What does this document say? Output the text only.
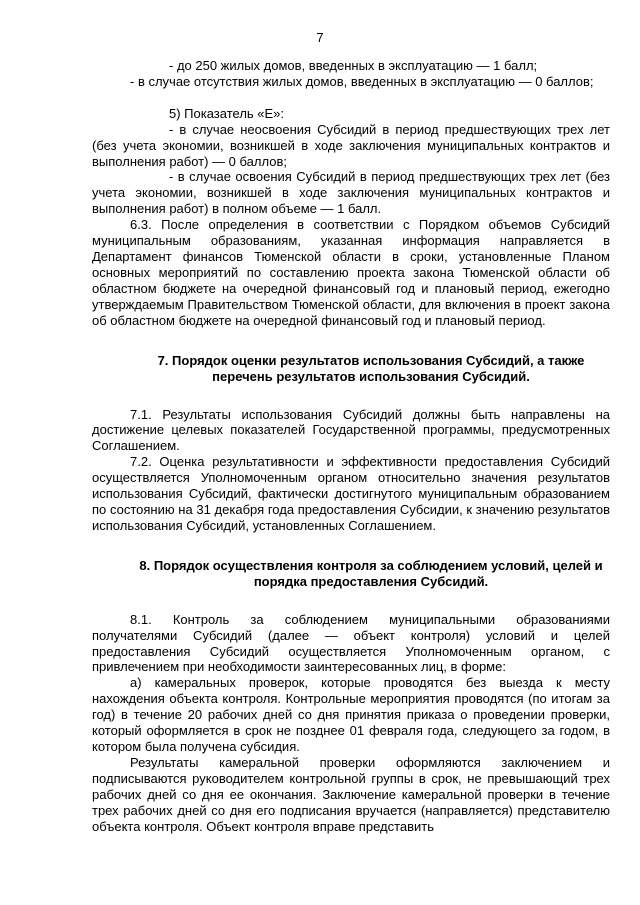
7

- до 250 жилых домов, введенных в эксплуатацию — 1 балл;

- в случае отсутствия жилых домов, введенных в эксплуатацию — 0 баллов;

5) Показатель «E»:

- в случае неосвоения Субсидий в период предшествующих трех лет (без учета экономии, возникшей в ходе заключения муниципальных контрактов и выполнения работ) — 0 баллов;

- в случае освоения Субсидий в период предшествующих трех лет (без учета экономии, возникшей в ходе заключения муниципальных контрактов и выполнения работ) в полном объеме — 1 балл.

6.3. После определения в соответствии с Порядком объемов Субсидий муниципальным образованиям, указанная информация направляется в Департамент финансов Тюменской области в сроки, установленные Планом основных мероприятий по составлению проекта закона Тюменской области об областном бюджете на очередной финансовый год и плановый период, ежегодно утверждаемым Правительством Тюменской области, для включения в проект закона об областном бюджете на очередной финансовый год и плановый период.

7. Порядок оценки результатов использования Субсидий, а также перечень результатов использования Субсидий.

7.1. Результаты использования Субсидий должны быть направлены на достижение целевых показателей Государственной программы, предусмотренных Соглашением.

7.2. Оценка результативности и эффективности предоставления Субсидий осуществляется Уполномоченным органом относительно значения результатов использования Субсидий, фактически достигнутого муниципальным образованием по состоянию на 31 декабря года предоставления Субсидии, к значению результатов использования Субсидий, установленных Соглашением.

8. Порядок осуществления контроля за соблюдением условий, целей и порядка предоставления Субсидий.

8.1. Контроль за соблюдением муниципальными образованиями получателями Субсидий (далее — объект контроля) условий и целей предоставления Субсидий осуществляется Уполномоченным органом, с привлечением при необходимости заинтересованных лиц, в форме:

а) камеральных проверок, которые проводятся без выезда к месту нахождения объекта контроля. Контрольные мероприятия проводятся (по итогам за год) в течение 20 рабочих дней со дня принятия приказа о проведении проверки, который оформляется в срок не позднее 01 февраля года, следующего за годом, в котором была получена субсидия.

Результаты камеральной проверки оформляются заключением и подписываются руководителем контрольной группы в срок, не превышающий трех рабочих дней со дня ее окончания. Заключение камеральной проверки в течение трех рабочих дней со дня его подписания вручается (направляется) представителю объекта контроля. Объект контроля вправе представить
